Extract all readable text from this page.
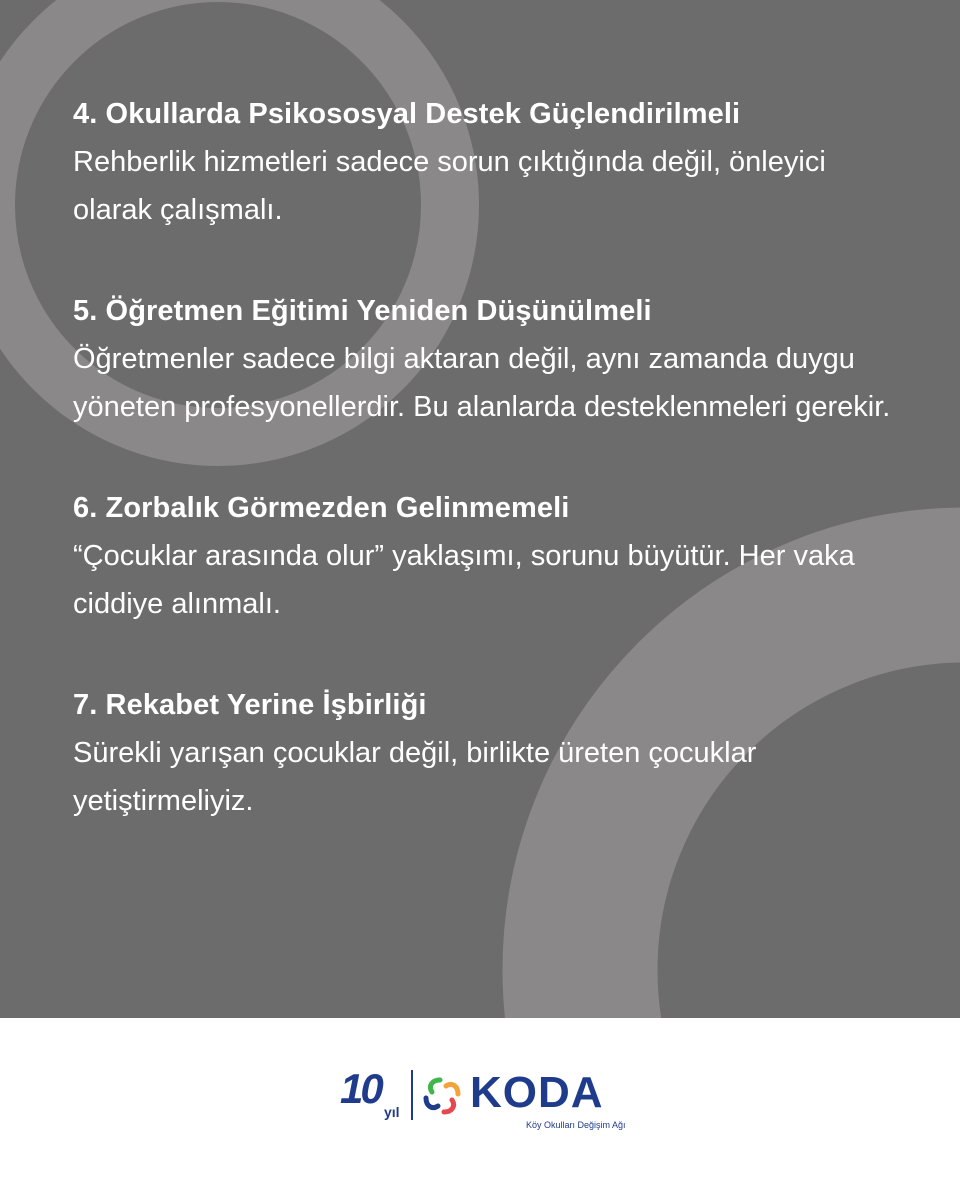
4. Okullarda Psikososyal Destek Güçlendirilmeli
Rehberlik hizmetleri sadece sorun çıktığında değil, önleyici olarak çalışmalı.
5. Öğretmen Eğitimi Yeniden Düşünülmeli
Öğretmenler sadece bilgi aktaran değil, aynı zamanda duygu yöneten profesyonellerdir. Bu alanlarda desteklenmeleri gerekir.
6. Zorbalık Görmezden Gelinmemeli
“Çocuklar arasında olur” yaklaşımı, sorunu büyütür. Her vaka ciddiye alınmalı.
7. Rekabet Yerine İşbirliği
Sürekli yarışan çocuklar değil, birlikte üreten çocuklar yetiştirmeliyiz.
10 yıl KODA
Köy Okulları Değişim Ağı
